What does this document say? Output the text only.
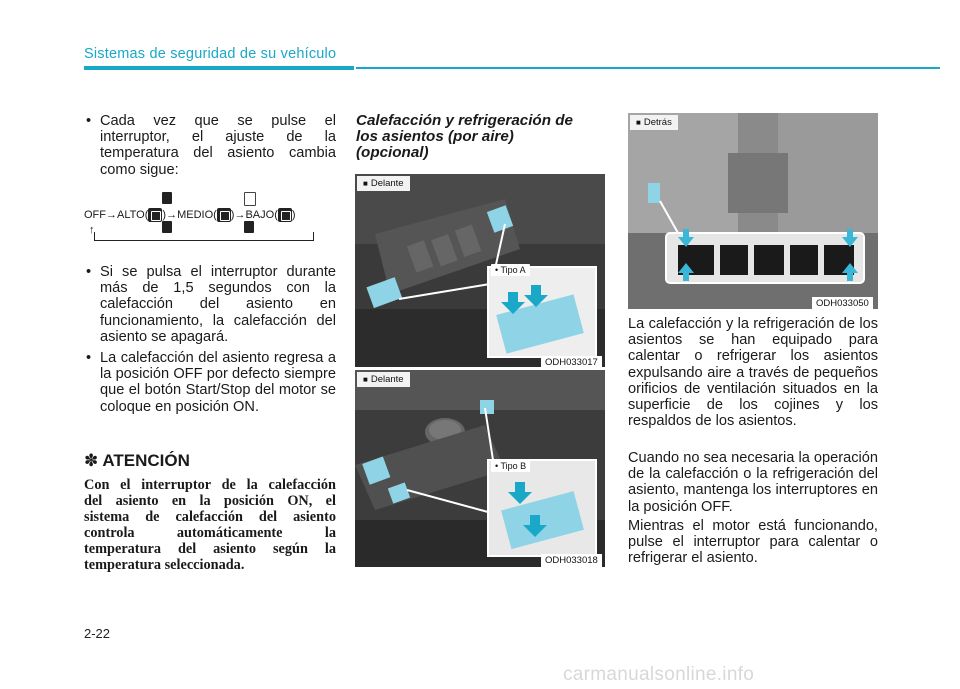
Sistemas de seguridad de su vehículo
• Cada vez que se pulse el interruptor, el ajuste de la temperatura del asiento cambia como sigue:

OFF→ALTO( )→MEDIO( )→BAJO( )
↑
• Si se pulsa el interruptor durante más de 1,5 segundos con la calefacción del asiento en funcionamiento, la calefacción del asiento se apagará.

• La calefacción del asiento regresa a la posición OFF por defecto siempre que el botón Start/Stop del motor se coloque en posición ON.

✽ ATENCIÓN
Con el interruptor de la calefacción
del asiento en la posición ON, el
sistema de calefacción del asiento
controla automáticamente la
temperatura del asiento según la
temperatura seleccionada.
Calefacción y refrigeración de
los asientos (por aire)
(opcional)
■ Delante
• Tipo A
ODH033017
■ Delante
• Tipo B
ODH033018
■ Detrás
ODH033050

La calefacción y la refrigeración de los asientos se han equipado para calentar o refrigerar los asientos expulsando aire a través de pequeños orificios de ventilación situados en la superficie de los cojines y los respaldos de los asientos.

Cuando no sea necesaria la operación de la calefacción o la refrigeración del asiento, mantenga los interruptores en la posición OFF.

Mientras el motor está funcionando, pulse el interruptor para calentar o refrigerar el asiento.

2-22
carmanualsonline.info
